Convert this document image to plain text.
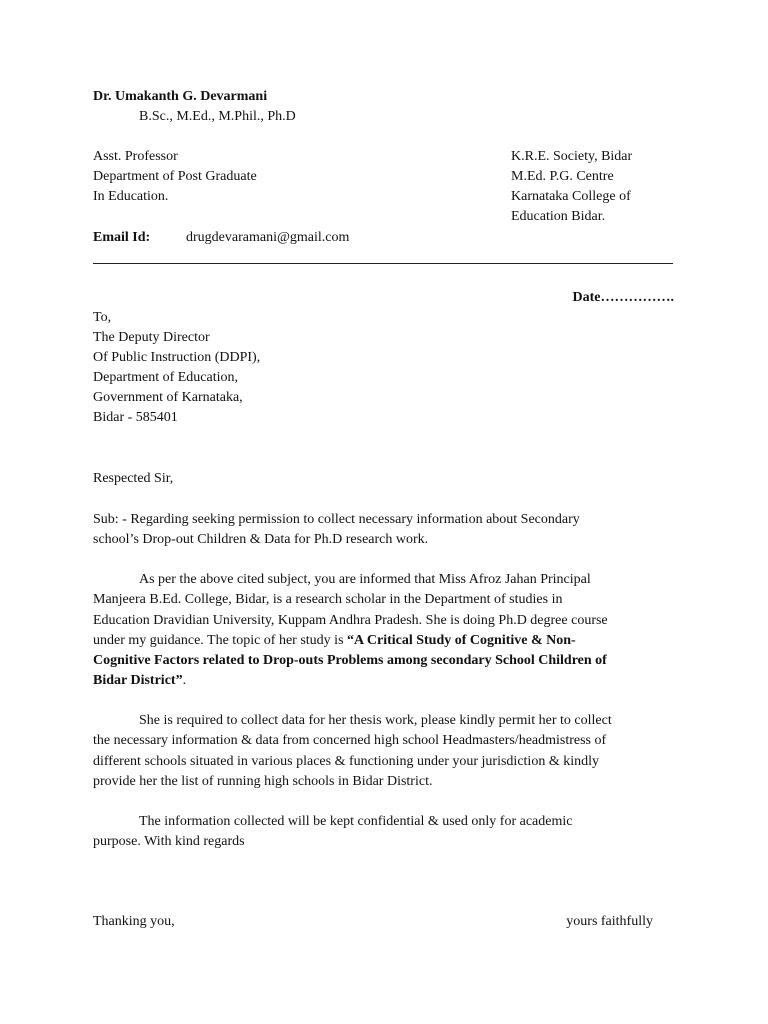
Dr. Umakanth G. Devarmani
B.Sc., M.Ed., M.Phil., Ph.D
Asst. Professor
Department of Post Graduate
In Education.
K.R.E. Society, Bidar
M.Ed. P.G. Centre
Karnataka College of
Education Bidar.
Email Id:	drugdevaramani@gmail.com
Date…………….
To,
The Deputy Director
Of Public Instruction (DDPI),
Department of Education,
Government of Karnataka,
Bidar - 585401
Respected Sir,
Sub: - Regarding seeking permission to collect necessary information about Secondary
school’s Drop-out Children & Data for Ph.D research work.
As per the above cited subject, you are informed that Miss Afroz Jahan Principal
Manjeera B.Ed. College, Bidar, is a research scholar in the Department of studies in
Education Dravidian University, Kuppam Andhra Pradesh. She is doing Ph.D degree course
under my guidance. The topic of her study is “A Critical Study of Cognitive & Non-
Cognitive Factors related to Drop-outs Problems among secondary School Children of
Bidar District”.
She is required to collect data for her thesis work, please kindly permit her to collect
the necessary information & data from concerned high school Headmasters/headmistress of
different schools situated in various places & functioning under your jurisdiction & kindly
provide her the list of running high schools in Bidar District.
The information collected will be kept confidential & used only for academic
purpose. With kind regards
Thanking you,	yours faithfully
